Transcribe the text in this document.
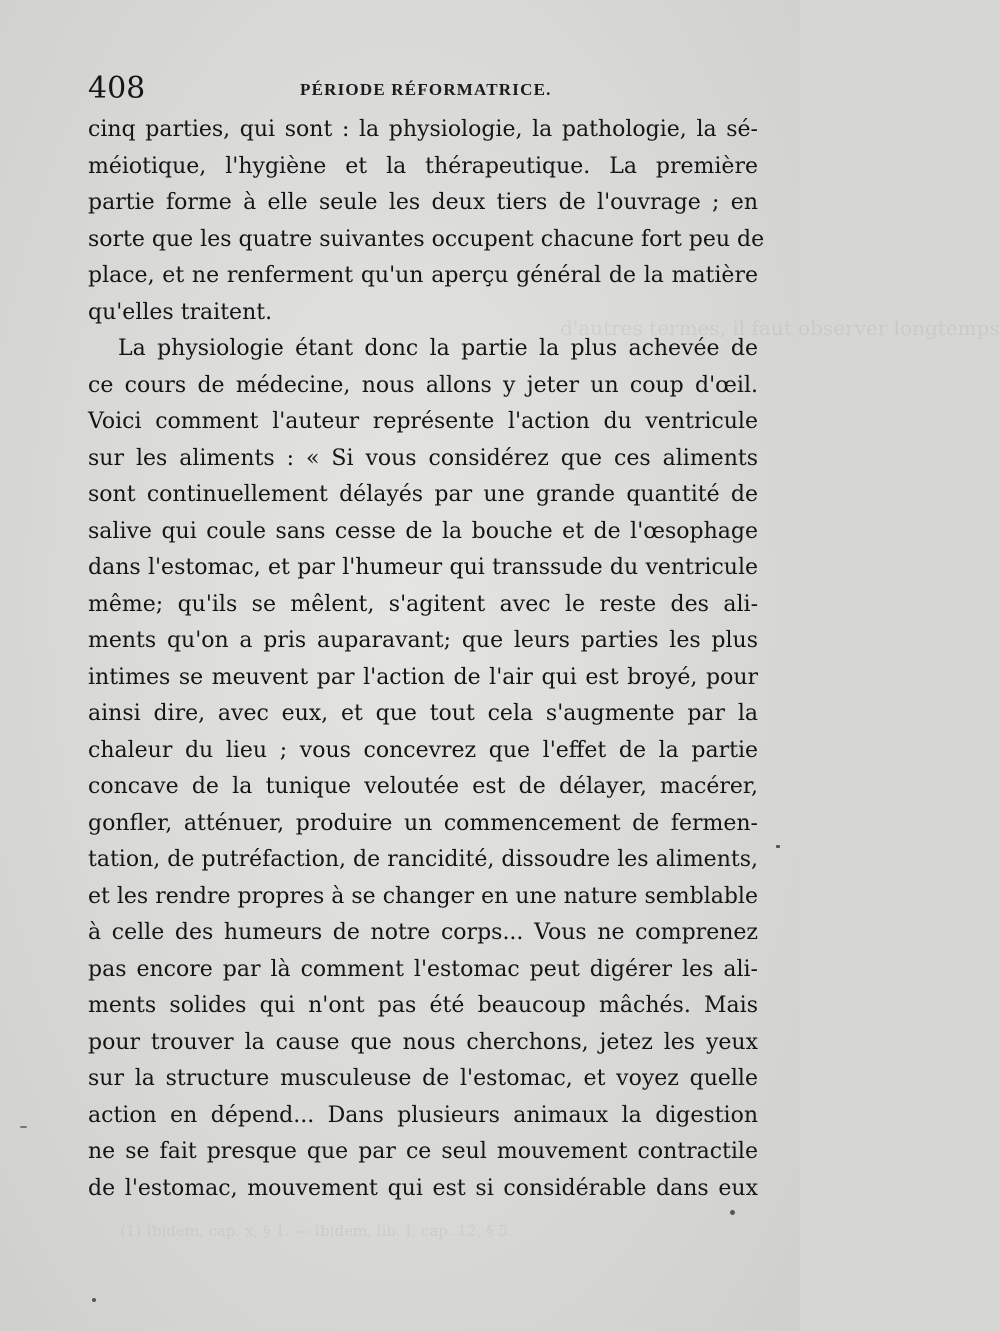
d'autres termes, il faut observer longtemps
(1) Ibidem, cap. x, § 1. — Ibidem, lib. I, cap. 12, § 5.
408	PÉRIODE RÉFORMATRICE.
cinq parties, qui sont : la physiologie, la pathologie, la sé-
méiotique, l'hygiène et la thérapeutique. La première
partie forme à elle seule les deux tiers de l'ouvrage ; en
sorte que les quatre suivantes occupent chacune fort peu de
place, et ne renferment qu'un aperçu général de la matière
qu'elles traitent.
La physiologie étant donc la partie la plus achevée de
ce cours de médecine, nous allons y jeter un coup d'œil.
Voici comment l'auteur représente l'action du ventricule
sur les aliments : « Si vous considérez que ces aliments
sont continuellement délayés par une grande quantité de
salive qui coule sans cesse de la bouche et de l'œsophage
dans l'estomac, et par l'humeur qui transsude du ventricule
même; qu'ils se mêlent, s'agitent avec le reste des ali-
ments qu'on a pris auparavant; que leurs parties les plus
intimes se meuvent par l'action de l'air qui est broyé, pour
ainsi dire, avec eux, et que tout cela s'augmente par la
chaleur du lieu ; vous concevrez que l'effet de la partie
concave de la tunique veloutée est de délayer, macérer,
gonfler, atténuer, produire un commencement de fermen-
tation, de putréfaction, de rancidité, dissoudre les aliments,
et les rendre propres à se changer en une nature semblable
à celle des humeurs de notre corps... Vous ne comprenez
pas encore par là comment l'estomac peut digérer les ali-
ments solides qui n'ont pas été beaucoup mâchés. Mais
pour trouver la cause que nous cherchons, jetez les yeux
sur la structure musculeuse de l'estomac, et voyez quelle
action en dépend... Dans plusieurs animaux la digestion
ne se fait presque que par ce seul mouvement contractile
de l'estomac, mouvement qui est si considérable dans eux
